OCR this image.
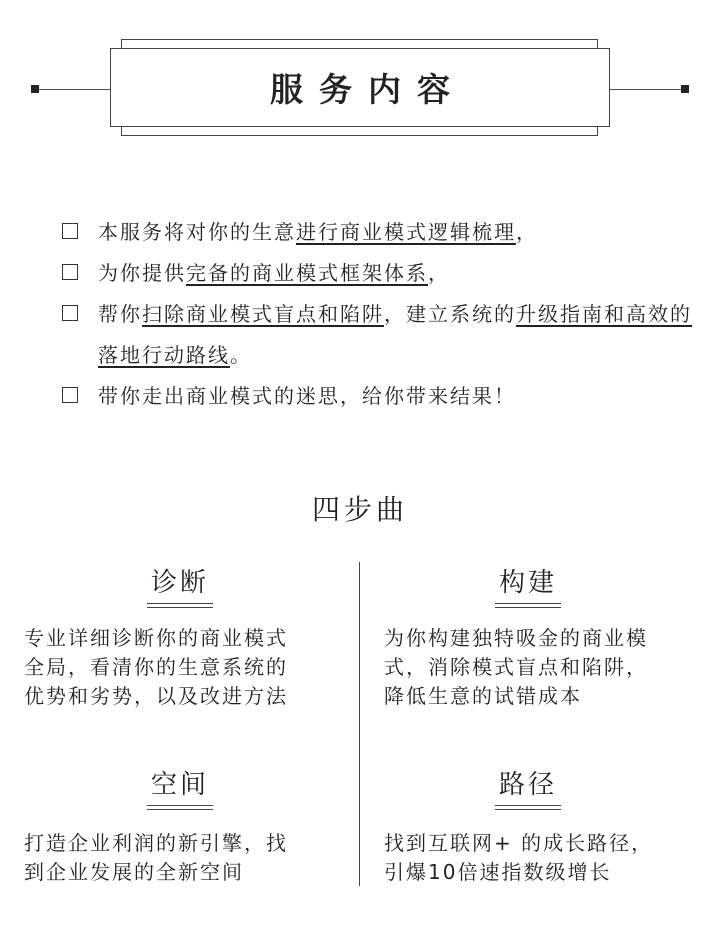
服务内容
本服务将对你的生意进行商业模式逻辑梳理，
为你提供完备的商业模式框架体系，
帮你扫除商业模式盲点和陷阱，建立系统的升级指南和高效的落地行动路线。
带你走出商业模式的迷思，给你带来结果！
四步曲
诊断
专业详细诊断你的商业模式
全局，看清你的生意系统的
优势和劣势，以及改进方法
构建
为你构建独特吸金的商业模
式，消除模式盲点和陷阱，
降低生意的试错成本
空间
打造企业利润的新引擎，找
到企业发展的全新空间
路径
找到互联网+ 的成长路径，
引爆10倍速指数级增长
